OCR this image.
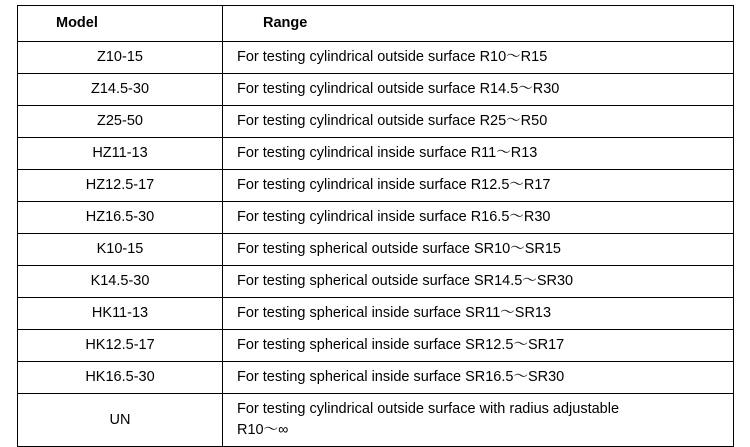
Model	Range
Z10-15	For testing cylindrical outside surface R10～R15
Z14.5-30	For testing cylindrical outside surface R14.5～R30
Z25-50	For testing cylindrical outside surface R25～R50
HZ11-13	For testing cylindrical inside surface R11～R13
HZ12.5-17	For testing cylindrical inside surface R12.5～R17
HZ16.5-30	For testing cylindrical inside surface R16.5～R30
K10-15	For testing spherical outside surface SR10～SR15
K14.5-30	For testing spherical outside surface SR14.5～SR30
HK11-13	For testing spherical inside surface SR11～SR13
HK12.5-17	For testing spherical inside surface SR12.5～SR17
HK16.5-30	For testing spherical inside surface SR16.5～SR30
UN	For testing cylindrical outside surface with radius adjustable
R10～∞
